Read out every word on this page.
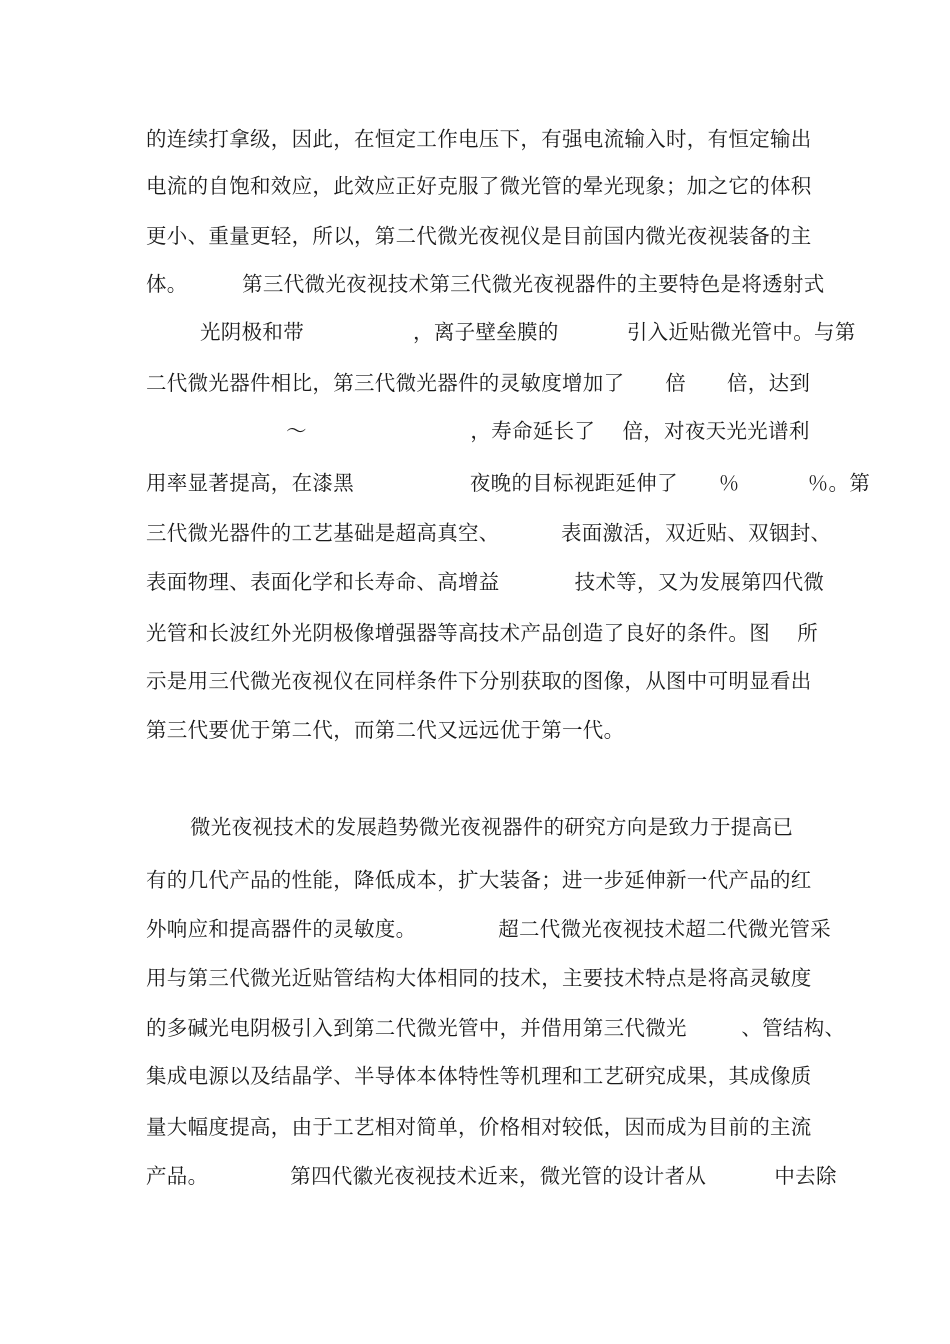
的连续打拿级，因此，在恒定工作电压下，有强电流输入时，有恒定输出
电流的自饱和效应，此效应正好克服了微光管的晕光现象；加之它的体积
更小、重量更轻，所以，第二代微光夜视仪是目前国内微光夜视装备的主
体。        第三代微光夜视技术第三代微光夜视器件的主要特色是将透射式
光阴极和带                ，离子壁垒膜的          引入近贴微光管中。与第
二代微光器件相比，第三代微光器件的灵敏度增加了      倍      倍，达到
～                        ，寿命延长了    倍，对夜天光光谱利
用率显著提高，在漆黑                 夜晚的目标视距延伸了      ％          ％。第
三代微光器件的工艺基础是超高真空、         表面激活，双近贴、双铟封、
表面物理、表面化学和长寿命、高增益           技术等，又为发展第四代微
光管和长波红外光阴极像增强器等高技术产品创造了良好的条件。图    所
示是用三代微光夜视仪在同样条件下分别获取的图像，从图中可明显看出
第三代要优于第二代，而第二代又远远优于第一代。
微光夜视技术的发展趋势微光夜视器件的研究方向是致力于提高已
有的几代产品的性能，降低成本，扩大装备；进一步延伸新一代产品的红
外响应和提高器件的灵敏度。            超二代微光夜视技术超二代微光管采
用与第三代微光近贴管结构大体相同的技术，主要技术特点是将高灵敏度
的多碱光电阴极引入到第二代微光管中，并借用第三代微光        、管结构、
集成电源以及结晶学、半导体本体特性等机理和工艺研究成果，其成像质
量大幅度提高，由于工艺相对简单，价格相对较低，因而成为目前的主流
产品。            第四代徽光夜视技术近来，微光管的设计者从          中去除
